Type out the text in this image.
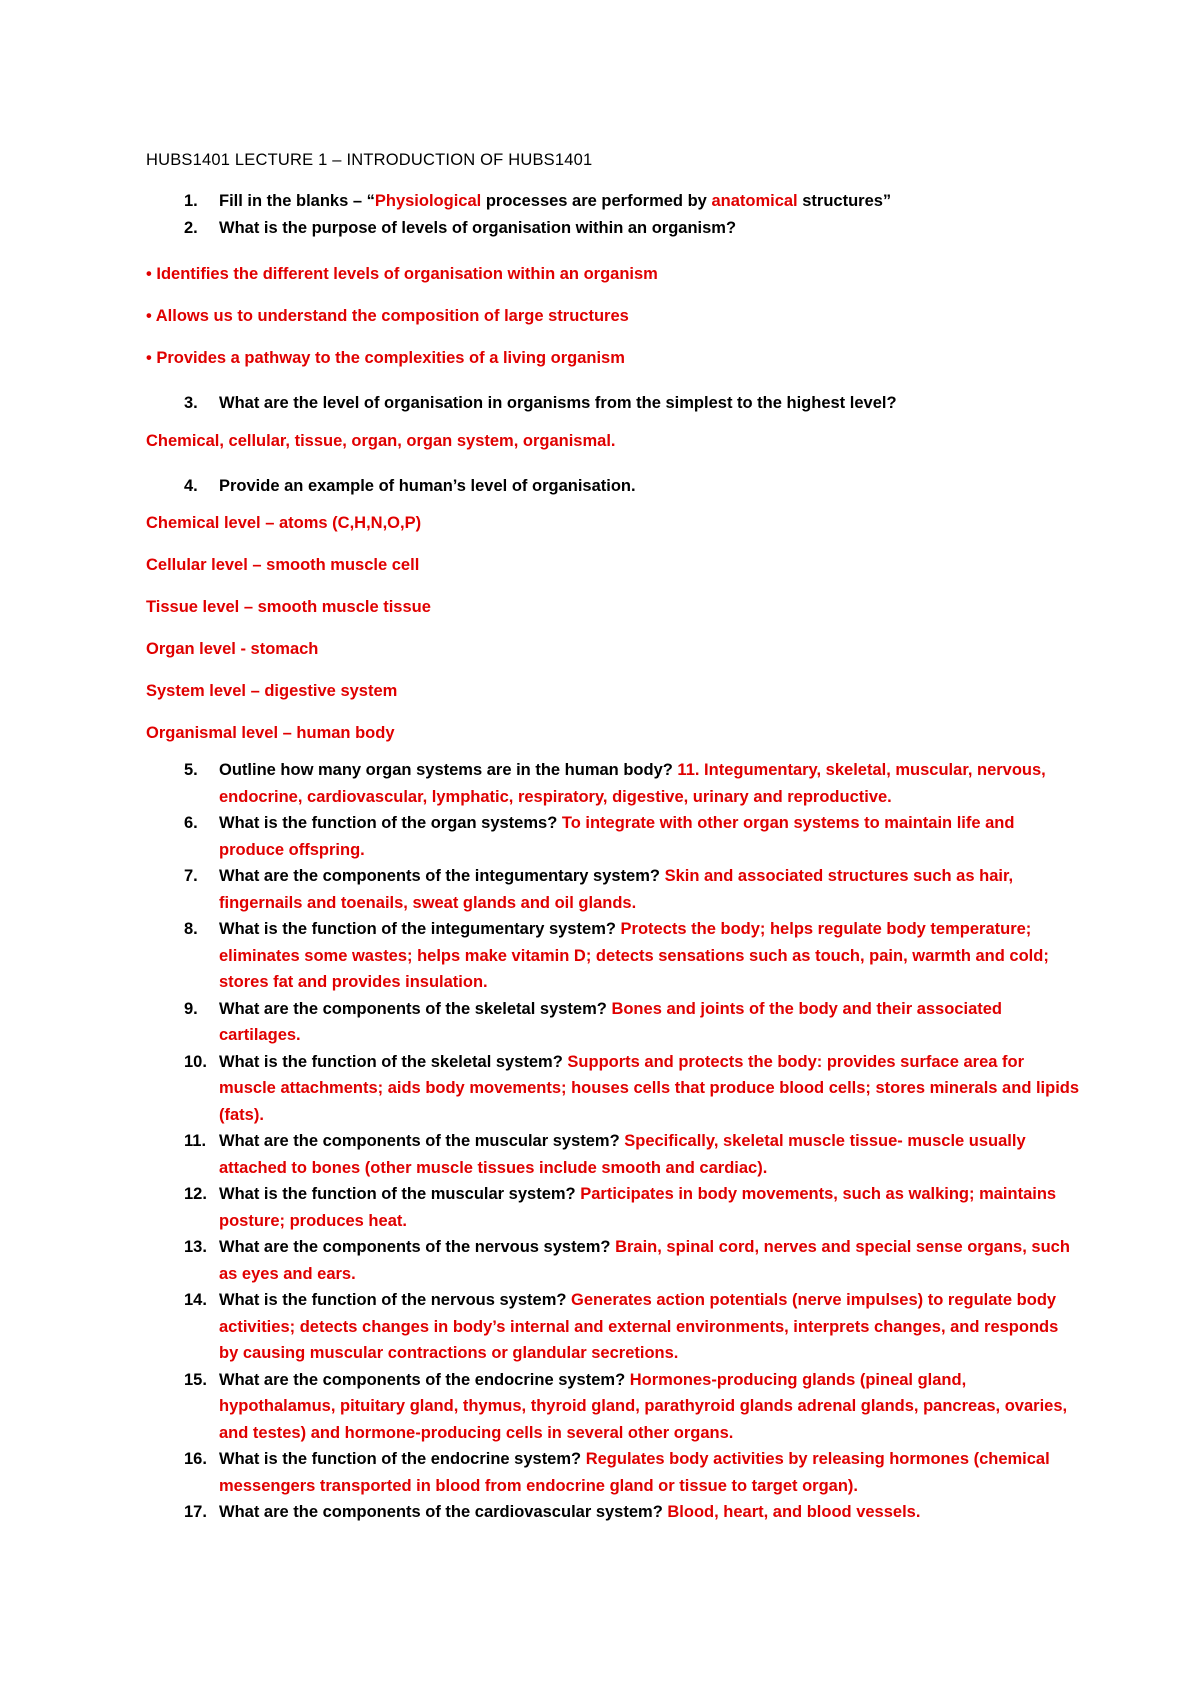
HUBS1401 LECTURE 1 – INTRODUCTION OF HUBS1401

1.	Fill in the blanks – “Physiological processes are performed by anatomical structures”
2.	What is the purpose of levels of organisation within an organism?

• Identifies the different levels of organisation within an organism

• Allows us to understand the composition of large structures

• Provides a pathway to the complexities of a living organism

3.	What are the level of organisation in organisms from the simplest to the highest level?

Chemical, cellular, tissue, organ, organ system, organismal.

4.	Provide an example of human’s level of organisation.

Chemical level – atoms (C,H,N,O,P)

Cellular level – smooth muscle cell

Tissue level – smooth muscle tissue

Organ level - stomach

System level – digestive system

Organismal level – human body

5.	Outline how many organ systems are in the human body? 11. Integumentary, skeletal, muscular, nervous, endocrine, cardiovascular, lymphatic, respiratory, digestive, urinary and reproductive.
6.	What is the function of the organ systems? To integrate with other organ systems to maintain life and produce offspring.
7.	What are the components of the integumentary system? Skin and associated structures such as hair, fingernails and toenails, sweat glands and oil glands.
8.	What is the function of the integumentary system? Protects the body; helps regulate body temperature; eliminates some wastes; helps make vitamin D; detects sensations such as touch, pain, warmth and cold; stores fat and provides insulation.
9.	What are the components of the skeletal system? Bones and joints of the body and their associated cartilages.
10. What is the function of the skeletal system? Supports and protects the body: provides surface area for muscle attachments; aids body movements; houses cells that produce blood cells; stores minerals and lipids (fats).
11. What are the components of the muscular system? Specifically, skeletal muscle tissue- muscle usually attached to bones (other muscle tissues include smooth and cardiac).
12. What is the function of the muscular system? Participates in body movements, such as walking; maintains posture; produces heat.
13. What are the components of the nervous system? Brain, spinal cord, nerves and special sense organs, such as eyes and ears.
14. What is the function of the nervous system? Generates action potentials (nerve impulses) to regulate body activities; detects changes in body’s internal and external environments, interprets changes, and responds by causing muscular contractions or glandular secretions.
15. What are the components of the endocrine system? Hormones-producing glands (pineal gland, hypothalamus, pituitary gland, thymus, thyroid gland, parathyroid glands adrenal glands, pancreas, ovaries, and testes) and hormone-producing cells in several other organs.
16. What is the function of the endocrine system? Regulates body activities by releasing hormones (chemical messengers transported in blood from endocrine gland or tissue to target organ).
17. What are the components of the cardiovascular system? Blood, heart, and blood vessels.
